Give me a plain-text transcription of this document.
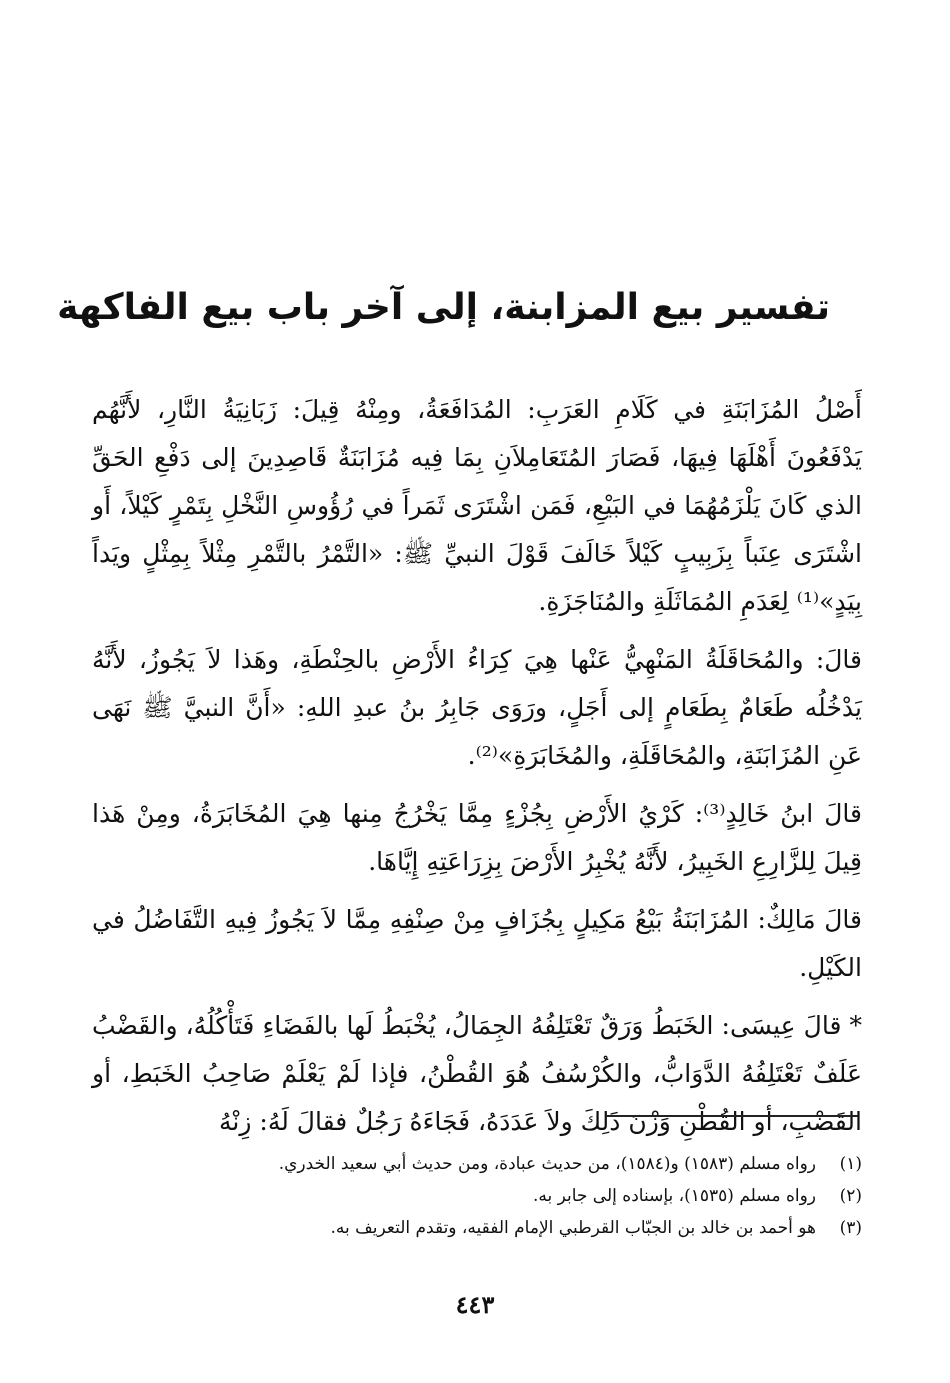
تفسير بيع المزابنة، إلى آخر باب بيع الفاكهة

أَصْلُ المُزَابَنَةِ في كَلَامِ العَرَبِ: المُدَافَعَةُ، ومِنْهُ قِيلَ: زَبَانِيَةُ النَّارِ، لأَنَّهُم يَدْفَعُونَ أَهْلَهَا فِيهَا، فَصَارَ المُتَعَامِلاَنِ بِمَا فِيه مُزَابَنَةٌ قَاصِدِينَ إلى دَفْعِ الحَقِّ الذي كَانَ يَلْزَمُهُمَا في البَيْعِ، فَمَن اشْتَرَى ثَمَراً في رُؤُوسِ النَّخْلِ بِتَمْرٍ كَيْلاً، أَو اشْتَرَى عِنَباً بِزَبِيبٍ كَيْلاً خَالَفَ قَوْلَ النبيِّ ﷺ: «التَّمْرُ بالتَّمْرِ مِثْلاً بِمِثْلٍ ويَداً بِيَدٍ»⁽¹⁾ لِعَدَمِ المُمَاثَلَةِ والمُنَاجَزَةِ.

قالَ: والمُحَاقَلَةُ المَنْهِيُّ عَنْها هِيَ كِرَاءُ الأَرْضِ بالحِنْطَةِ، وهَذا لاَ يَجُوزُ، لأَنَّهُ يَدْخُلُه طَعَامٌ بِطَعَامٍ إلى أَجَلٍ، ورَوَى جَابِرُ بنُ عبدِ اللهِ: «أَنَّ النبيَّ ﷺ نَهَى عَنِ المُزَابَنَةِ، والمُحَاقَلَةِ، والمُخَابَرَةِ»⁽²⁾.

قالَ ابنُ خَالِدٍ⁽³⁾: كَرْيُ الأَرْضِ بِجُزْءٍ مِمَّا يَخْرُجُ مِنها هِيَ المُخَابَرَةُ، ومِنْ هَذا قِيلَ لِلزَّارِعِ الخَبِيرُ، لأَنَّهُ يُخْبِرُ الأَرْضَ بِزِرَاعَتِهِ إِيَّاهَا.

قالَ مَالِكٌ: المُزَابَنَةُ بَيْعُ مَكِيلٍ بِجُزَافٍ مِنْ صِنْفِهِ مِمَّا لاَ يَجُوزُ فِيهِ التَّفَاضُلُ في الكَيْلِ.

* قالَ عِيسَى: الخَبَطُ وَرَقٌ تَعْتَلِفُهُ الجِمَالُ، يُخْبَطُ لَها بالفَضَاءِ فَتَأْكُلُهُ، والقَضْبُ عَلَفٌ تَعْتَلِفُهُ الدَّوَابُّ، والكُرْسُفُ هُوَ القُطْنُ، فإذا لَمْ يَعْلَمْ صَاحِبُ الخَبَطِ، أو القَضْبِ، أو القُطْنِ وَزْنَ ذَلِكَ ولاَ عَدَدَهُ، فَجَاءَهُ رَجُلٌ فقالَ لَهُ: زِنْهُ

(١)
رواه مسلم (١٥٨٣) و(١٥٨٤)، من حديث عبادة، ومن حديث أبي سعيد الخدري.
(٢)
رواه مسلم (١٥٣٥)، بإسناده إلى جابر به.
(٣)
هو أحمد بن خالد بن الجبّاب القرطبي الإمام الفقيه، وتقدم التعريف به.
٤٤٣
